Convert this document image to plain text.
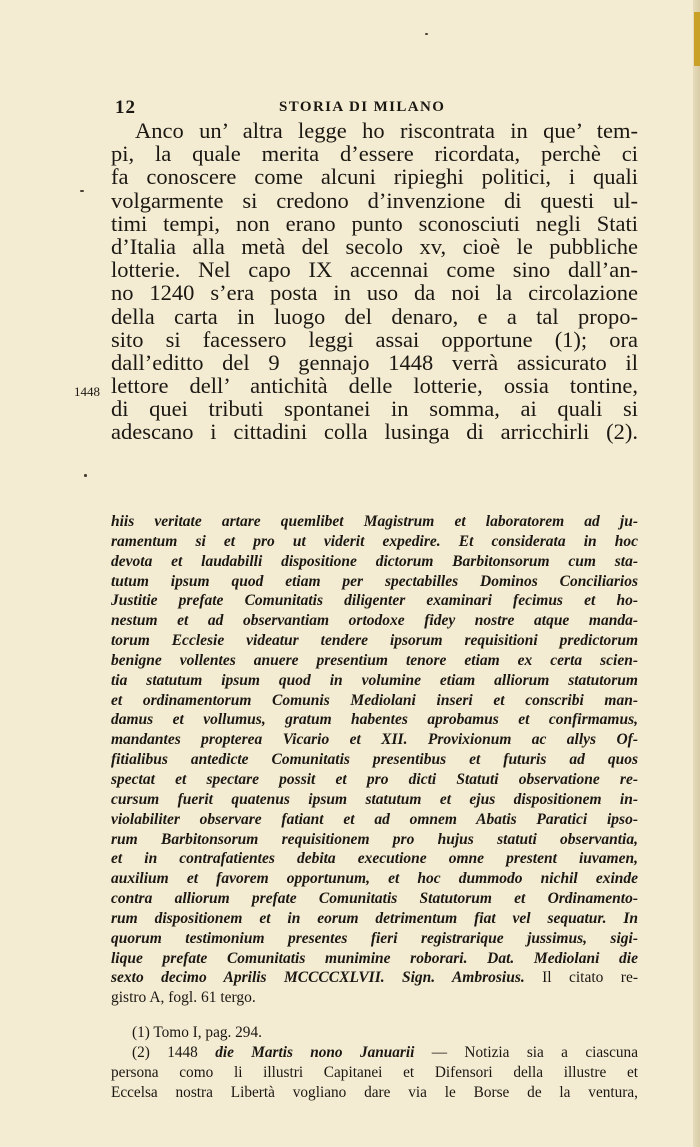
12	STORIA DI MILANO
Anco un’ altra legge ho riscontrata in que’ tem-
pi, la quale merita d’essere ricordata, perchè ci
fa conoscere come alcuni ripieghi politici, i quali
volgarmente si credono d’invenzione di questi ul-
timi tempi, non erano punto sconosciuti negli Stati
d’Italia alla metà del secolo xv, cioè le pubbliche
lotterie. Nel capo IX accennai come sino dall’an-
no 1240 s’era posta in uso da noi la circolazione
della carta in luogo del denaro, e a tal propo-
sito si facessero leggi assai opportune (1); ora
dall’editto del 9 gennajo 1448 verrà assicurato il
lettore dell’ antichità delle lotterie, ossia tontine,
di quei tributi spontanei in somma, ai quali si
adescano i cittadini colla lusinga di arricchirli (2).
1448
hiis veritate artare quemlibet Magistrum et laboratorem ad ju-
ramentum si et pro ut viderit expedire. Et considerata in hoc
devota et laudabilli dispositione dictorum Barbitonsorum cum sta-
tutum ipsum quod etiam per spectabilles Dominos Conciliarios
Justitie prefate Comunitatis diligenter examinari fecimus et ho-
nestum et ad observantiam ortodoxe fidey nostre atque manda-
torum Ecclesie videatur tendere ipsorum requisitioni predictorum
benigne vollentes anuere presentium tenore etiam ex certa scien-
tia statutum ipsum quod in volumine etiam alliorum statutorum
et ordinamentorum Comunis Mediolani inseri et conscribi man-
damus et vollumus, gratum habentes aprobamus et confirmamus,
mandantes propterea Vicario et XII. Provixionum ac allys Of-
fitialibus antedicte Comunitatis presentibus et futuris ad quos
spectat et spectare possit et pro dicti Statuti observatione re-
cursum fuerit quatenus ipsum statutum et ejus dispositionem in-
violabiliter observare fatiant et ad omnem Abatis Paratici ipso-
rum Barbitonsorum requisitionem pro hujus statuti observantia,
et in contrafatientes debita executione omne prestent iuvamen,
auxilium et favorem opportunum, et hoc dummodo nichil exinde
contra alliorum prefate Comunitatis Statutorum et Ordinamento-
rum dispositionem et in eorum detrimentum fiat vel sequatur. In
quorum testimonium presentes fieri registrarique jussimus, sigi-
lique prefate Comunitatis munimine roborari. Dat. Mediolani die
sexto decimo Aprilis MCCCCXLVII. Sign. Ambrosius. Il citato re-
gistro A, fogl. 61 tergo.
(1) Tomo I, pag. 294.
(2) 1448 die Martis nono Januarii — Notizia sia a ciascuna
persona como li illustri Capitanei et Difensori della illustre et
Eccelsa nostra Libertà vogliano dare via le Borse de la ventura,
